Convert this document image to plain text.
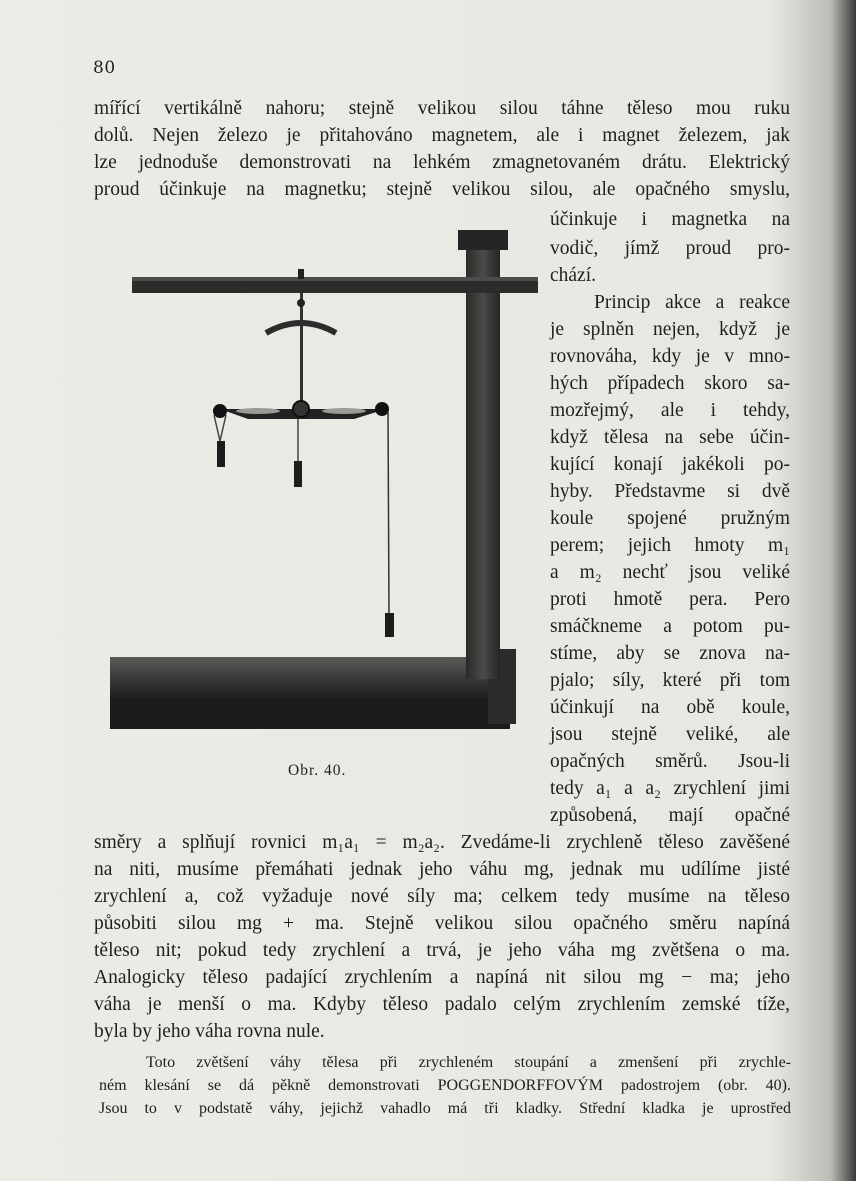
80

mířící vertikálně nahoru; stejně velikou silou táhne těleso mou ruku

dolů. Nejen železo je přitahováno magnetem, ale i magnet železem, jak

lze jednoduše demonstrovati na lehkém zmagnetovaném drátu. Elektrický

proud účinkuje na magnetku; stejně velikou silou, ale opačného smyslu,

účinkuje i magnetka na

vodič, jímž proud pro-

chází.

Princip akce a reakce

je splněn nejen, když je

rovnováha, kdy je v mno-

hých případech skoro sa-

mozřejmý, ale i tehdy,

když tělesa na sebe účin-

kující konají jakékoli po-

hyby. Představme si dvě

koule spojené pružným

perem; jejich hmoty m₁

a m₂ nechť jsou veliké

proti hmotě pera. Pero

smáčkneme a potom pu-

stíme, aby se znova na-

pjalo; síly, které při tom

účinkují na obě koule,

jsou stejně veliké, ale

opačných směrů. Jsou-li

tedy a₁ a a₂ zrychlení jimi

způsobená, mají opačné

Obr. 40.

směry a splňují rovnici m₁a₁ = m₂a₂. Zvedáme-li zrychleně těleso zavěšené

na niti, musíme přemáhati jednak jeho váhu mg, jednak mu udílíme jisté

zrychlení a, což vyžaduje nové síly ma; celkem tedy musíme na těleso

působiti silou mg + ma. Stejně velikou silou opačného směru napíná

těleso nit; pokud tedy zrychlení a trvá, je jeho váha mg zvětšena o ma.

Analogicky těleso padající zrychlením a napíná nit silou mg − ma; jeho

váha je menší o ma. Kdyby těleso padalo celým zrychlením zemské tíže,

byla by jeho váha rovna nule.

Toto zvětšení váhy tělesa při zrychleném stoupání a zmenšení při zrychle-

ném klesání se dá pěkně demonstrovati POGGENDORFFOVÝM padostrojem (obr. 40).

Jsou to v podstatě váhy, jejichž vahadlo má tři kladky. Střední kladka je uprostřed
